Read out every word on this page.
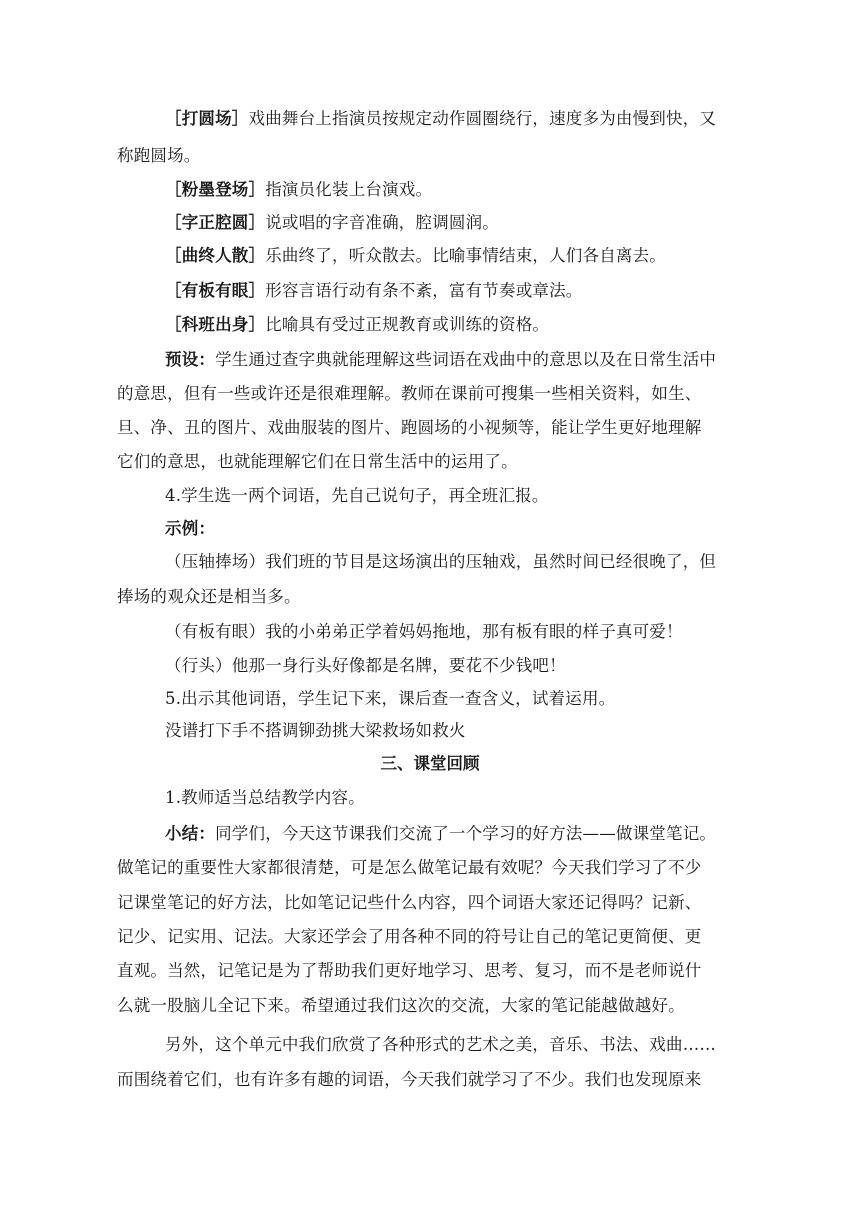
［打圆场］戏曲舞台上指演员按规定动作圆圈绕行，速度多为由慢到快，又
称跑圆场。
［粉墨登场］指演员化装上台演戏。
［字正腔圆］说或唱的字音准确，腔调圆润。
［曲终人散］乐曲终了，听众散去。比喻事情结束，人们各自离去。
［有板有眼］形容言语行动有条不紊，富有节奏或章法。
［科班出身］比喻具有受过正规教育或训练的资格。
预设：学生通过查字典就能理解这些词语在戏曲中的意思以及在日常生活中
的意思，但有一些或许还是很难理解。教师在课前可搜集一些相关资料，如生、
旦、净、丑的图片、戏曲服装的图片、跑圆场的小视频等，能让学生更好地理解
它们的意思，也就能理解它们在日常生活中的运用了。
4.学生选一两个词语，先自己说句子，再全班汇报。
示例：
（压轴捧场）我们班的节目是这场演出的压轴戏，虽然时间已经很晚了，但
捧场的观众还是相当多。
（有板有眼）我的小弟弟正学着妈妈拖地，那有板有眼的样子真可爱！
（行头）他那一身行头好像都是名牌，要花不少钱吧！
5.出示其他词语，学生记下来，课后查一查含义，试着运用。
没谱打下手不搭调铆劲挑大梁救场如救火
三、课堂回顾
1.教师适当总结教学内容。
小结：同学们，今天这节课我们交流了一个学习的好方法——做课堂笔记。
做笔记的重要性大家都很清楚，可是怎么做笔记最有效呢？今天我们学习了不少
记课堂笔记的好方法，比如笔记记些什么内容，四个词语大家还记得吗？记新、
记少、记实用、记法。大家还学会了用各种不同的符号让自己的笔记更简便、更
直观。当然，记笔记是为了帮助我们更好地学习、思考、复习，而不是老师说什
么就一股脑儿全记下来。希望通过我们这次的交流，大家的笔记能越做越好。
另外，这个单元中我们欣赏了各种形式的艺术之美，音乐、书法、戏曲……
而围绕着它们，也有许多有趣的词语，今天我们就学习了不少。我们也发现原来
